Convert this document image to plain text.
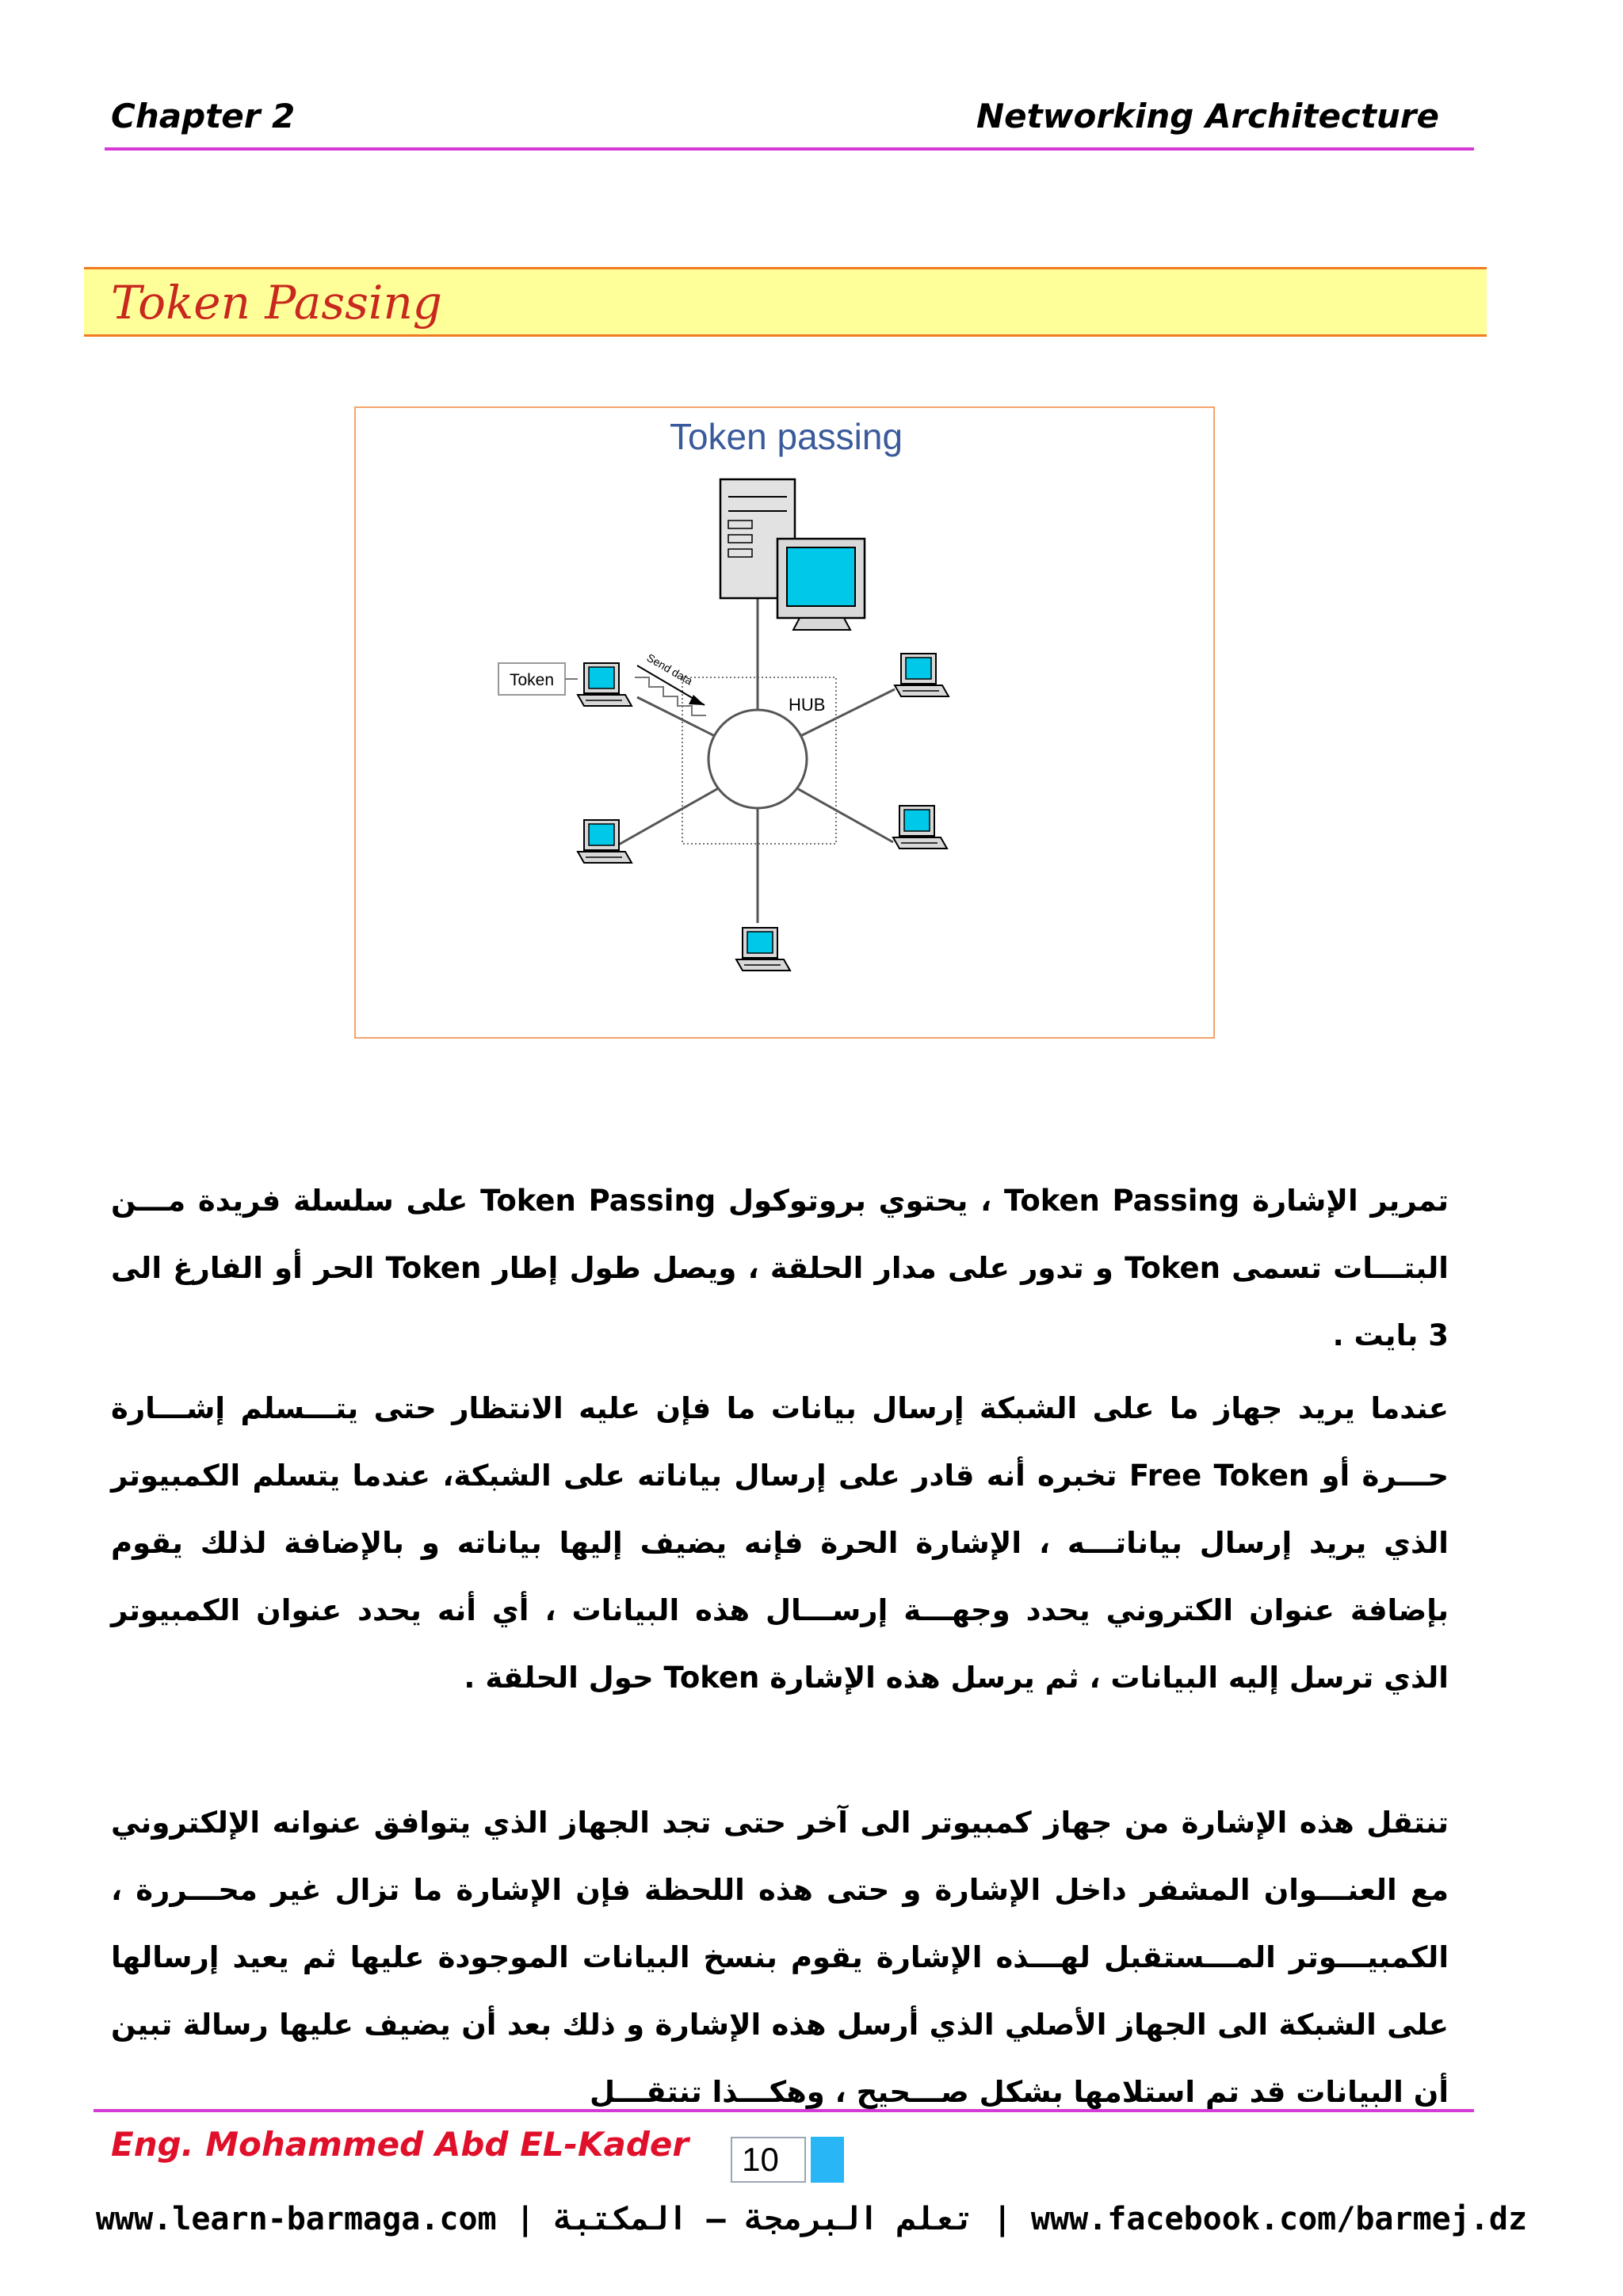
Chapter 2	Networking Architecture
Token Passing
Token passing
HUB
Token	Send data
تمرير الإشارة Token Passing ، يحتوي بروتوكول Token Passing على سلسلة فريدة مـــن البتـــات تسمى Token و تدور على مدار الحلقة ، ويصل طول إطار Token الحر أو الفارغ الى 3 بايت .
عندما يريد جهاز ما على الشبكة إرسال بيانات ما فإن عليه الانتظار حتى يتـــسلم إشـــارة حـــرة أو Free Token تخبره أنه قادر على إرسال بياناته على الشبكة، عندما يتسلم الكمبيوتر الذي يريد إرسال بياناتـــه ، الإشارة الحرة فإنه يضيف إليها بياناته و بالإضافة لذلك يقوم بإضافة عنوان الكتروني يحدد وجهـــة إرســـال هذه البيانات ، أي أنه يحدد عنوان الكمبيوتر الذي ترسل إليه البيانات ، ثم يرسل هذه الإشارة Token حول الحلقة .
تنتقل هذه الإشارة من جهاز كمبيوتر الى آخر حتى تجد الجهاز الذي يتوافق عنوانه الإلكتروني مع العنـــوان المشفر داخل الإشارة و حتى هذه اللحظة فإن الإشارة ما تزال غير محـــررة ، الكمبيـــوتر المـــستقبل لهـــذه الإشارة يقوم بنسخ البيانات الموجودة عليها ثم يعيد إرسالها على الشبكة الى الجهاز الأصلي الذي أرسل هذه الإشارة و ذلك بعد أن يضيف عليها رسالة تبين أن البيانات قد تم استلامها بشكل صـــحيح ، وهكـــذا تنتقـــل
Eng. Mohammed Abd EL-Kader	10
www.learn-barmaga.com | تعلم البرمجة – المكتبة | www.facebook.com/barmej.dz
